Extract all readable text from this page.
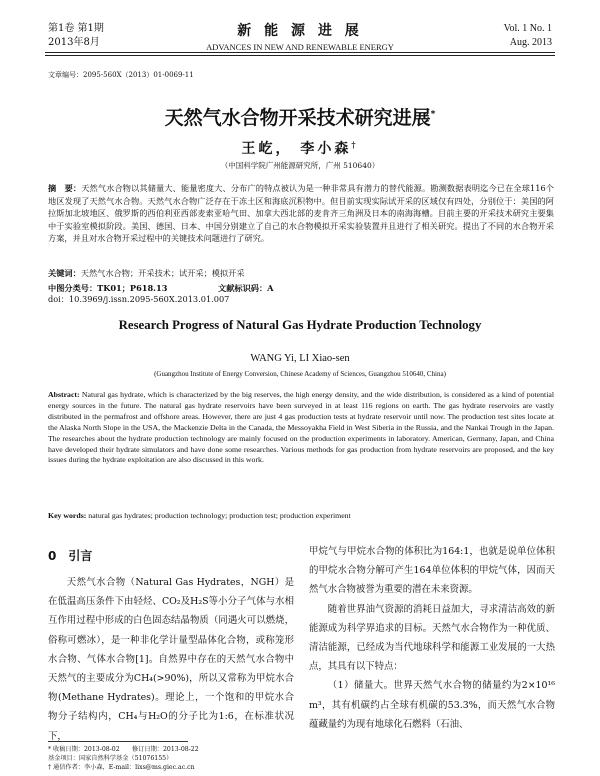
第1卷 第1期
2013年8月
新 能 源 进 展
ADVANCES IN NEW AND RENEWABLE ENERGY
Vol. 1 No. 1
Aug. 2013
文章编号：2095-560X（2013）01-0069-11
天然气水合物开采技术研究进展*
王屹， 李小森†
（中国科学院广州能源研究所，广州 510640）
摘　要：天然气水合物以其储量大、能量密度大、分布广的特点被认为是一种非常具有潜力的替代能源。勘测数据表明迄今已在全球116个地区发现了天然气水合物。天然气水合物广泛存在于冻土区和海底沉积物中。但目前实现实际试开采的区域仅有四处，分别位于：美国的阿拉斯加北坡地区、俄罗斯的西伯利亚西部麦索亚哈气田、加拿大西北部的麦肯齐三角洲及日本的南海海槽。目前主要的开采技术研究主要集中于实验室模拟阶段。美国、德国、日本、中国分别建立了自己的水合物模拟开采实验装置并且进行了相关研究。提出了不同的水合物开采方案，并且对水合物开采过程中的关键技术问题进行了研究。
关键词：天然气水合物；开采技术；试开采；模拟开采
中图分类号：TK01；P618.13	文献标识码：Adoi：10.3969/j.issn.2095-560X.2013.01.007
Research Progress of Natural Gas Hydrate Production Technology
WANG Yi, LI Xiao-sen
(Guangzhou Institute of Energy Conversion, Chinese Academy of Sciences, Guangzhou 510640, China)
Abstract: Natural gas hydrate, which is characterized by the big reserves, the high energy density, and the wide distribution, is considered as a kind of potential energy sources in the future. The natural gas hydrate reservoirs have been surveyed in at least 116 regions on earth. The gas hydrate reservoirs are vastly distributed in the permafrost and offshore areas. However, there are just 4 gas production tests at hydrate reservoir until now. The production test sites locate at the Alaska North Slope in the USA, the Mackenzie Delta in the Canada, the Messoyakha Field in West Siberia in the Russia, and the Nankai Trough in the Japan. The researches about the hydrate production technology are mainly focused on the production experiments in laboratory. American, Germany, Japan, and China have developed their hydrate simulators and have done some researches. Various methods for gas production from hydrate reservoirs are proposed, and the key issues during the hydrate exploitation are also discussed in this work.
Key words: natural gas hydrates; production technology; production test; production experiment
0　引言

天然气水合物（Natural Gas Hydrates，NGH）是在低温高压条件下由轻烃、CO₂及H₂S等小分子气体与水相互作用过程中形成的白色固态结晶物质（同遇火可以燃烧，俗称可燃冰），是一种非化学计量型晶体化合物，或称笼形水合物、气体水合物[1]。自然界中存在的天然气水合物中天然气的主要成分为CH₄(>90%)，所以又常称为甲烷水合物(Methane Hydrates)。理论上，一个饱和的甲烷水合物分子结构内，CH₄与H₂O的分子比为1:6，在标准状况下，

甲烷气与甲烷水合物的体积比为164:1，也就是说单位体积的甲烷水合物分解可产生164单位体积的甲烷气体，因而天然气水合物被誉为重要的潜在未来资源。

随着世界油气资源的消耗日益加大，寻求清洁高效的新能源成为科学界追求的目标。天然气水合物作为一种优质、清洁能源，已经成为当代地球科学和能源工业发展的一大热点，其具有以下特点：

（1）储量大。世界天然气水合物的储量约为2×10¹⁶ m³，其有机碳约占全球有机碳的53.3%，而天然气水合物蕴藏量约为现有地球化石燃料（石油、

* 收稿日期：2013-08-02　　修订日期：2013-08-22
基金项目：国家自然科学基金（51076155）
† 通信作者：李小森，E-mail：lixs@ms.giec.ac.cn
